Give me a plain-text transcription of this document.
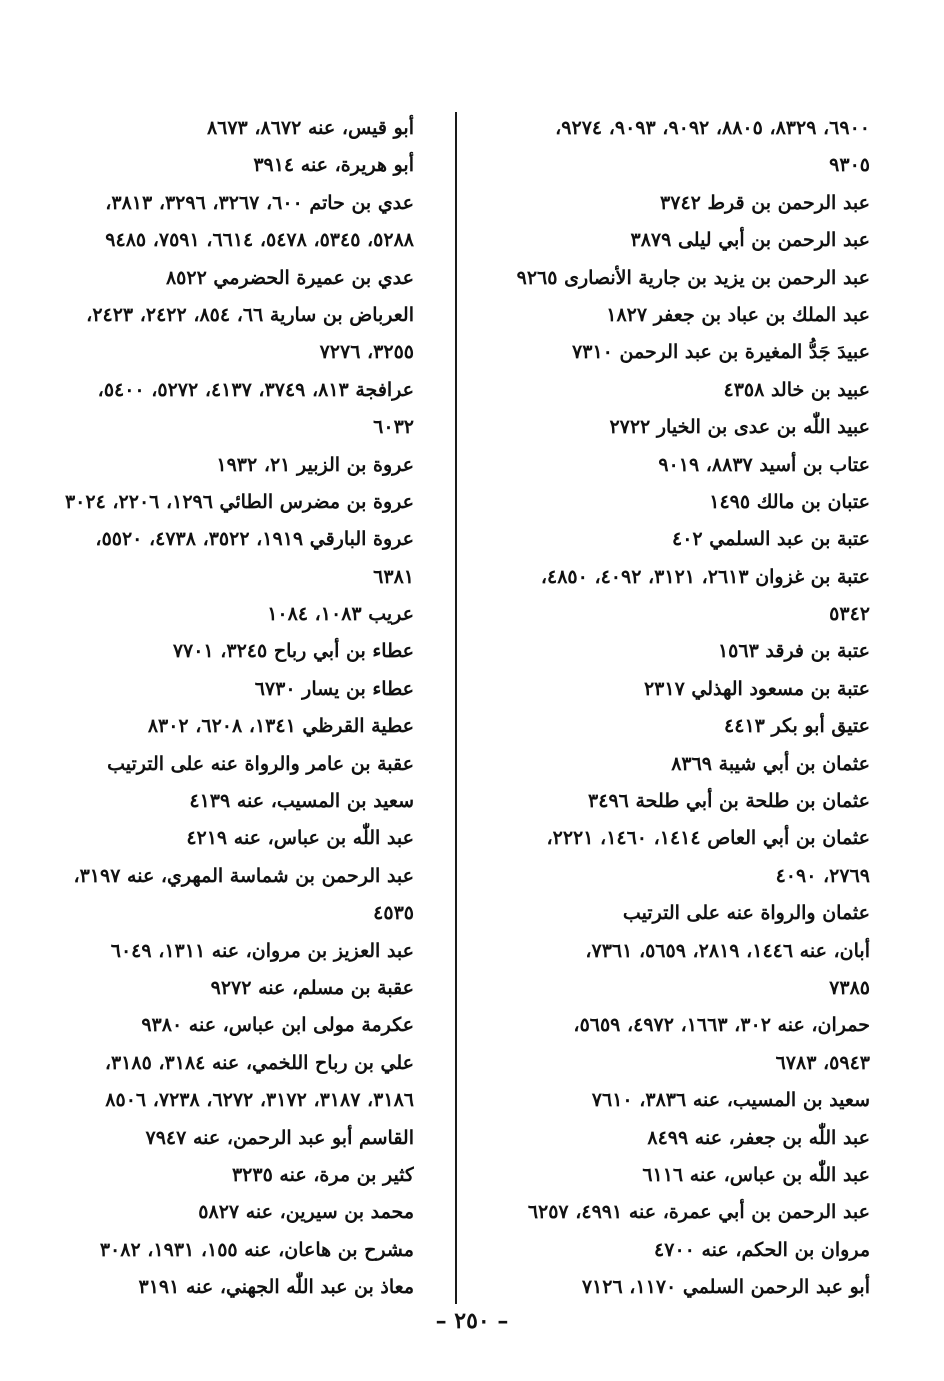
٦٩٠٠، ٨٣٢٩، ٨٨٠٥، ٩٠٩٢، ٩٠٩٣، ٩٢٧٤،
٩٣٠٥
عبد الرحمن بن قرط ٣٧٤٢
عبد الرحمن بن أبي ليلى ٣٨٧٩
عبد الرحمن بن يزيد بن جارية الأنصارى ٩٢٦٥
عبد الملك بن عباد بن جعفر ١٨٢٧
عبيدَ جَدُّ المغيرة بن عبد الرحمن ٧٣١٠
عبيد بن خالد ٤٣٥٨
عبيد اللّٰه بن عدى بن الخيار ٢٧٢٢
عتاب بن أسيد ٨٨٣٧، ٩٠١٩
عتبان بن مالك ١٤٩٥
عتبة بن عبد السلمي ٤٠٢
عتبة بن غزوان ٢٦١٣، ٣١٢١، ٤٠٩٢، ٤٨٥٠،
٥٣٤٢
عتبة بن فرقد ١٥٦٣
عتبة بن مسعود الهذلي ٢٣١٧
عتيق أبو بكر ٤٤١٣
عثمان بن أبي شيبة ٨٣٦٩
عثمان بن طلحة بن أبي طلحة ٣٤٩٦
عثمان بن أبي العاص ١٤١٤، ١٤٦٠، ٢٢٢١،
٢٧٦٩، ٤٠٩٠
عثمان والرواة عنه على الترتيب
أبان، عنه ١٤٤٦، ٢٨١٩، ٥٦٥٩، ٧٣٦١،
٧٣٨٥
حمران، عنه ٣٠٢، ١٦٦٣، ٤٩٧٢، ٥٦٥٩،
٥٩٤٣، ٦٧٨٣
سعيد بن المسيب، عنه ٣٨٣٦، ٧٦١٠
عبد اللّٰه بن جعفر، عنه ٨٤٩٩
عبد اللّٰه بن عباس، عنه ٦١١٦
عبد الرحمن بن أبي عمرة، عنه ٤٩٩١، ٦٢٥٧
مروان بن الحكم، عنه ٤٧٠٠
أبو عبد الرحمن السلمي ١١٧٠، ٧١٢٦
أبو قيس، عنه ٨٦٧٢، ٨٦٧٣
أبو هريرة، عنه ٣٩١٤
عدي بن حاتم ٦٠٠، ٣٢٦٧، ٣٢٩٦، ٣٨١٣،
٥٢٨٨، ٥٣٤٥، ٥٤٧٨، ٦٦١٤، ٧٥٩١، ٩٤٨٥
عدي بن عميرة الحضرمي ٨٥٢٢
العرباض بن سارية ٦٦، ٨٥٤، ٢٤٢٢، ٢٤٢٣،
٣٢٥٥، ٧٢٧٦
عرافجة ٨١٣، ٣٧٤٩، ٤١٣٧، ٥٢٧٢، ٥٤٠٠،
٦٠٣٢
عروة بن الزبير ٢١، ١٩٣٢
عروة بن مضرس الطائي ١٢٩٦، ٢٢٠٦، ٣٠٢٤
عروة البارقي ١٩١٩، ٣٥٢٢، ٤٧٣٨، ٥٥٢٠،
٦٣٨١
عريب ١٠٨٣، ١٠٨٤
عطاء بن أبي رباح ٣٢٤٥، ٧٧٠١
عطاء بن يسار ٦٧٣٠
عطية القرظي ١٣٤١، ٦٢٠٨، ٨٣٠٢
عقبة بن عامر والرواة عنه على الترتيب
سعيد بن المسيب، عنه ٤١٣٩
عبد اللّٰه بن عباس، عنه ٤٢١٩
عبد الرحمن بن شماسة المهري، عنه ٣١٩٧،
٤٥٣٥
عبد العزيز بن مروان، عنه ١٣١١، ٦٠٤٩
عقبة بن مسلم، عنه ٩٢٧٢
عكرمة مولى ابن عباس، عنه ٩٣٨٠
علي بن رباح اللخمي، عنه ٣١٨٤، ٣١٨٥،
٣١٨٦، ٣١٨٧، ٣١٧٢، ٦٢٧٢، ٧٢٣٨، ٨٥٠٦
القاسم أبو عبد الرحمن، عنه ٧٩٤٧
كثير بن مرة، عنه ٣٢٣٥
محمد بن سيرين، عنه ٥٨٢٧
مشرح بن هاعان، عنه ١٥٥، ١٩٣١، ٣٠٨٢
معاذ بن عبد اللّٰه الجهني، عنه ٣١٩١
– ٢٥٠ –
